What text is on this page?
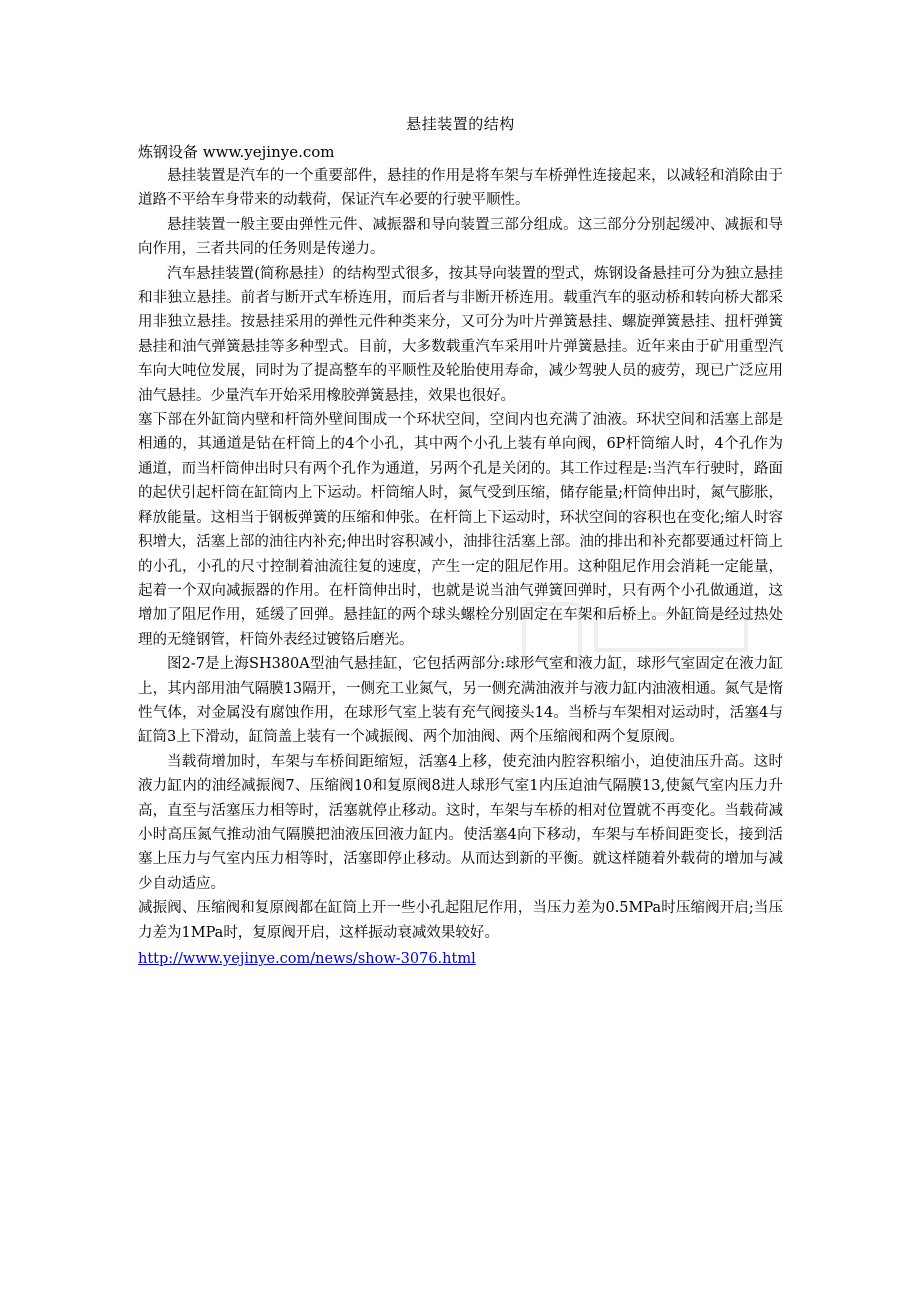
悬挂装置的结构
炼钢设备 www.yejinye.com

悬挂装置是汽车的一个重要部件，悬挂的作用是将车架与车桥弹性连接起来，以减轻和消除由于道路不平给车身带来的动载荷，保证汽车必要的行驶平顺性。

悬挂装置一般主要由弹性元件、减振器和导向装置三部分组成。这三部分分别起缓冲、减振和导向作用，三者共同的任务则是传递力。

汽车悬挂装置(简称悬挂）的结构型式很多，按其导向装置的型式，炼钢设备悬挂可分为独立悬挂和非独立悬挂。前者与断开式车桥连用，而后者与非断开桥连用。载重汽车的驱动桥和转向桥大都采用非独立悬挂。按悬挂采用的弹性元件种类来分，又可分为叶片弹簧悬挂、螺旋弹簧悬挂、扭杆弹簧悬挂和油气弹簧悬挂等多种型式。目前，大多数载重汽车采用叶片弹簧悬挂。近年来由于矿用重型汽车向大吨位发展，同时为了提高整车的平顺性及轮胎使用寿命，减少驾驶人员的疲劳，现已广泛应用油气悬挂。少量汽车开始采用橡胶弹簧悬挂，效果也很好。

塞下部在外缸筒内壁和杆筒外壁间围成一个环状空间，空间内也充满了油液。环状空间和活塞上部是相通的，其通道是钻在杆筒上的4个小孔，其中两个小孔上装有单向阀，6P杆筒缩人时，4个孔作为通道，而当杆筒伸出时只有两个孔作为通道，另两个孔是关闭的。其工作过程是:当汽车行驶时，路面的起伏引起杆筒在缸筒内上下运动。杆筒缩人时，氮气受到压缩，储存能量;杆筒伸出时，氮气膨胀，释放能量。这相当于钢板弹簧的压缩和伸张。在杆筒上下运动时，环状空间的容积也在变化;缩人时容积增大，活塞上部的油往内补充;伸出时容积减小，油排往活塞上部。油的排出和补充都要通过杆筒上的小孔，小孔的尺寸控制着油流往复的速度，产生一定的阻尼作用。这种阻尼作用会消耗一定能量，起着一个双向减振器的作用。在杆筒伸出时，也就是说当油气弹簧回弹时，只有两个小孔做通道，这增加了阻尼作用，延缓了回弹。悬挂缸的两个球头螺栓分别固定在车架和后桥上。外缸筒是经过热处理的无缝钢管，杆筒外表经过镀铬后磨光。

图2-7是上海SH380A型油气悬挂缸，它包括两部分:球形气室和液力缸，球形气室固定在液力缸上，其内部用油气隔膜13隔开，一侧充工业氮气，另一侧充满油液并与液力缸内油液相通。氮气是惰性气体，对金属没有腐蚀作用，在球形气室上装有充气阀接头14。当桥与车架相对运动时，活塞4与缸筒3上下滑动，缸筒盖上装有一个减振阀、两个加油阀、两个压缩阀和两个复原阀。

当载荷增加时，车架与车桥间距缩短，活塞4上移，使充油内腔容积缩小，迫使油压升高。这时液力缸内的油经减振阀7、压缩阀10和复原阀8进人球形气室1内压迫油气隔膜13,使氮气室内压力升高，直至与活塞压力相等时，活塞就停止移动。这时，车架与车桥的相对位置就不再变化。当载荷减小时高压氮气推动油气隔膜把油液压回液力缸内。使活塞4向下移动，车架与车桥间距变长，接到活塞上压力与气室内压力相等时，活塞即停止移动。从而达到新的平衡。就这样随着外载荷的增加与减少自动适应。

减振阀、压缩阀和复原阀都在缸筒上开一些小孔起阻尼作用，当压力差为0.5MPa时压缩阀开启;当压力差为1MPa时，复原阀开启，这样振动衰减效果较好。

http://www.yejinye.com/news/show-3076.html
